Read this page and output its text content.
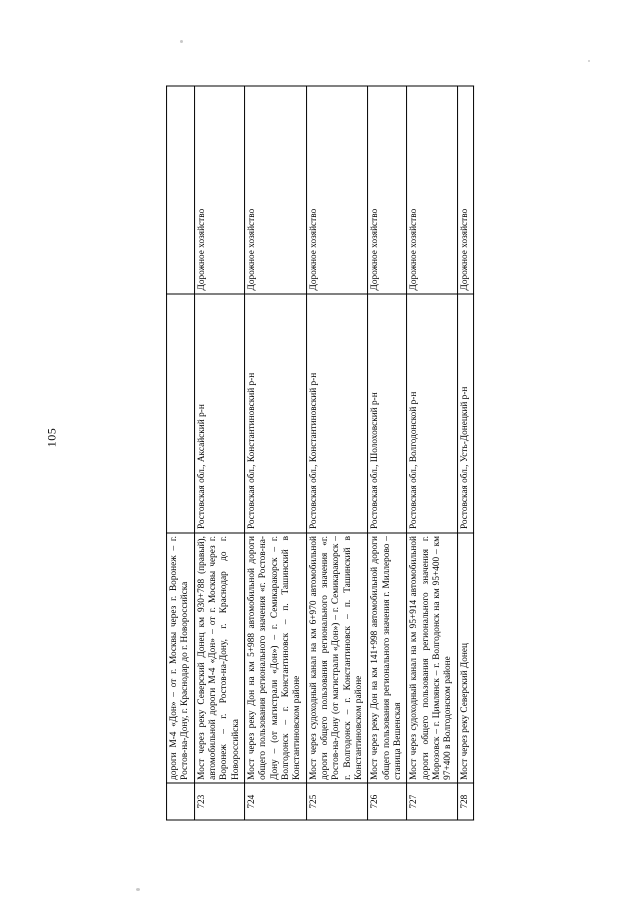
105
	дороги М-4 «Дон» – от г. Москвы через г. Воронеж – г. Ростов-на-Дону, г. Краснодар до г. Новороссийска		
723	Мост через реку Северский Донец км 930+788 (правый), автомобильной дороги М-4 «Дон» – от г. Москвы через г. Воронеж – г. Ростов-на-Дону, г. Краснодар до г. Новороссийска	Ростовская обл., Аксайский р-н	Дорожное хозяйство
724	Мост через реку Дон на км 5+988 автомобильной дороги общего пользования регионального значения «г. Ростов-на-Дону – (от магистрали «Дон») – г. Семикаракорск – г. Волгодонск – г. Константиновск – п. Ташинский в Константиновском районе	Ростовская обл., Константиновский р-н	Дорожное хозяйство
725	Мост через судоходный канал на км 6+970 автомобильной дороги общего пользования регионального значения «г. Ростов-на-Дону (от магистрали «Дон») – г. Семикаракорск – г. Волгодонск – г. Константиновск – п. Ташинский в Константиновском районе	Ростовская обл., Константиновский р-н	Дорожное хозяйство
726	Мост через реку Дон на км 141+998 автомобильной дороги общего пользования регионального значения г. Миллерово – станица Вешенская	Ростовская обл., Шолоховский р-н	Дорожное хозяйство
727	Мост через судоходный канал на км 95+914 автомобильной дороги общего пользования регионального значения г. Морозовск – г. Цимлянск – г. Волгодонск на км 95+400 – км 97+400 в Волгодонском районе	Ростовская обл., Волгодонской р-н	Дорожное хозяйство
728	Мост через реку Северский Донец	Ростовская обл., Усть-Донецкий р-н	Дорожное хозяйство
